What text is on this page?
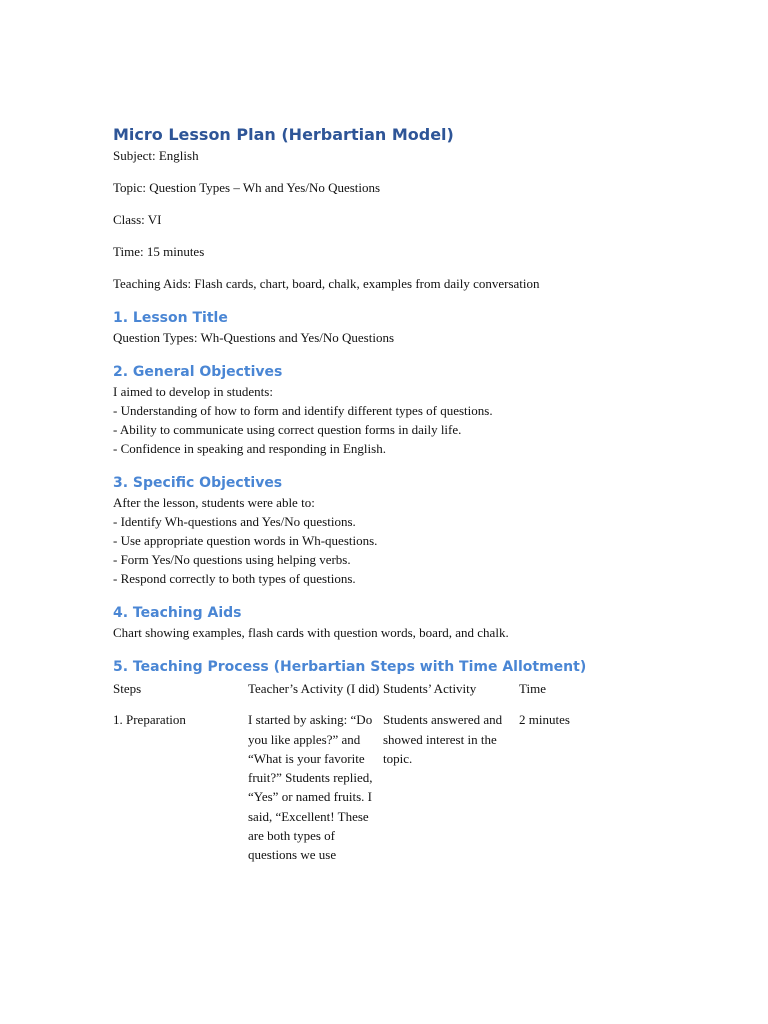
Micro Lesson Plan (Herbartian Model)

Subject: English

Topic: Question Types – Wh and Yes/No Questions

Class: VI

Time: 15 minutes

Teaching Aids: Flash cards, chart, board, chalk, examples from daily conversation

1. Lesson Title

Question Types: Wh-Questions and Yes/No Questions

2. General Objectives

I aimed to develop in students:

- Understanding of how to form and identify different types of questions.

- Ability to communicate using correct question forms in daily life.

- Confidence in speaking and responding in English.

3. Specific Objectives

After the lesson, students were able to:

- Identify Wh-questions and Yes/No questions.

- Use appropriate question words in Wh-questions.

- Form Yes/No questions using helping verbs.

- Respond correctly to both types of questions.

4. Teaching Aids

Chart showing examples, flash cards with question words, board, and chalk.

5. Teaching Process (Herbartian Steps with Time Allotment)
Steps	Teacher’s Activity (I did)	Students’ Activity	Time

1. Preparation	I started by asking: “Do you like apples?” and “What is your favorite fruit?” Students replied, “Yes” or named fruits. I said, “Excellent! These are both types of questions we use	Students answered and showed interest in the topic.	2 minutes
